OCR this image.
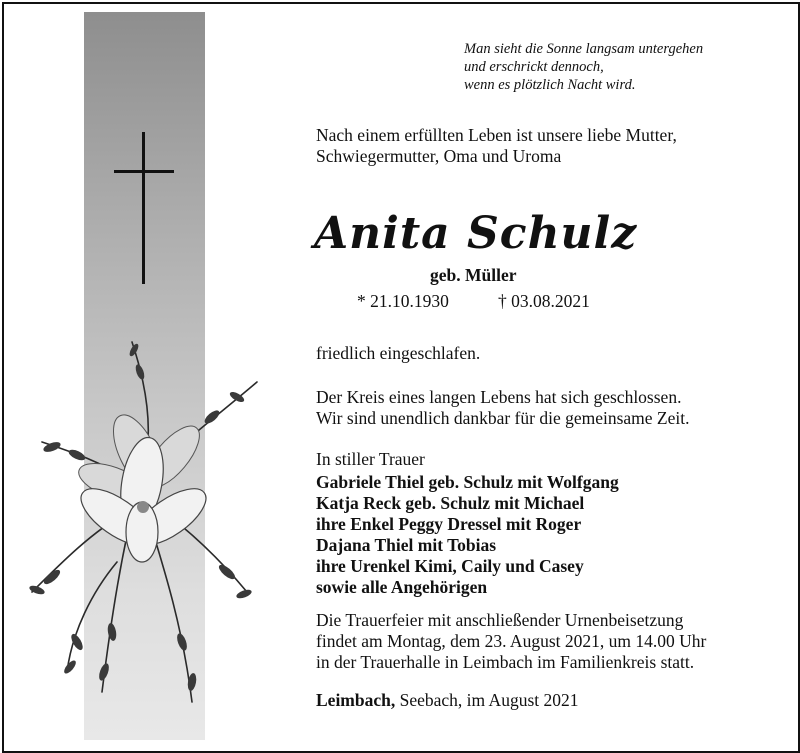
Man sieht die Sonne langsam untergehen
und erschrickt dennoch,
wenn es plötzlich Nacht wird.
Nach einem erfüllten Leben ist unsere liebe Mutter,
Schwiegermutter, Oma und Uroma
Anita Schulz
geb. Müller
* 21.10.1930	† 03.08.2021
friedlich eingeschlafen.
Der Kreis eines langen Lebens hat sich geschlossen.
Wir sind unendlich dankbar für die gemeinsame Zeit.
In stiller Trauer
Gabriele Thiel geb. Schulz mit Wolfgang
Katja Reck geb. Schulz mit Michael
ihre Enkel Peggy Dressel mit Roger
Dajana Thiel mit Tobias
ihre Urenkel Kimi, Caily und Casey
sowie alle Angehörigen
Die Trauerfeier mit anschließender Urnenbeisetzung
findet am Montag, dem 23. August 2021, um 14.00 Uhr
in der Trauerhalle in Leimbach im Familienkreis statt.
Leimbach, Seebach, im August 2021
